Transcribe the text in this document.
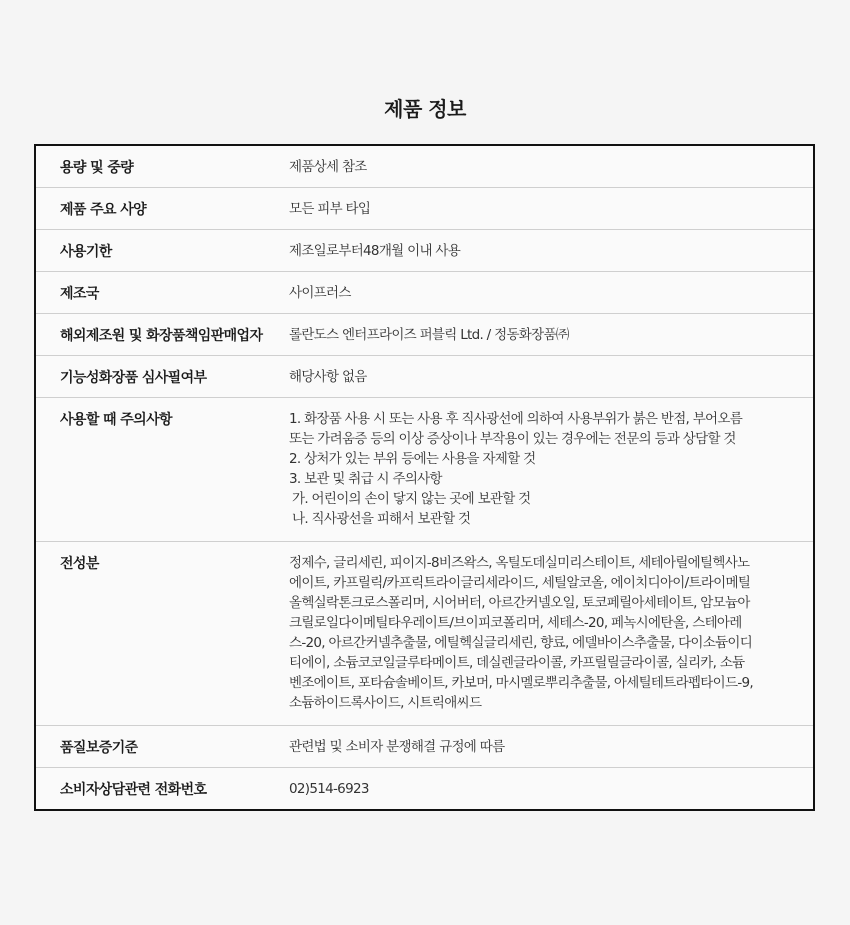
제품 정보
용량 및 중량	제품상세 참조
제품 주요 사양	모든 피부 타입
사용기한	제조일로부터48개월 이내 사용
제조국	사이프러스
해외제조원 및 화장품책임판매업자	롤란도스 엔터프라이즈 퍼블릭 Ltd. / 정동화장품㈜
기능성화장품 심사필여부	해당사항 없음
사용할 때 주의사항	1. 화장품 사용 시 또는 사용 후 직사광선에 의하여 사용부위가 붉은 반점, 부어오름
또는 가려움증 등의 이상 증상이나 부작용이 있는 경우에는 전문의 등과 상담할 것
2. 상처가 있는 부위 등에는 사용을 자제할 것
3. 보관 및 취급 시 주의사항
가. 어린이의 손이 닿지 않는 곳에 보관할 것
나. 직사광선을 피해서 보관할 것
전성분	정제수, 글리세린, 피이지-8비즈왁스, 옥틸도데실미리스테이트, 세테아릴에틸헥사노
에이트, 카프릴릭/카프릭트라이글리세라이드, 세틸알코올, 에이치디아이/트라이메틸
올헥실락톤크로스폴리머, 시어버터, 아르간커넬오일, 토코페릴아세테이트, 암모늄아
크릴로일다이메틸타우레이트/브이피코폴리머, 세테스-20, 페녹시에탄올, 스테아레
스-20, 아르간커넬추출물, 에틸헥실글리세린, 향료, 에델바이스추출물, 다이소듐이디
티에이, 소듐코코일글루타메이트, 데실렌글라이콜, 카프릴릴글라이콜, 실리카, 소듐
벤조에이트, 포타슘솔베이트, 카보머, 마시멜로뿌리추출물, 아세틸테트라펩타이드-9,
소듐하이드록사이드, 시트릭애씨드
품질보증기준	관련법 및 소비자 분쟁해결 규정에 따름
소비자상담관련 전화번호	02)514-6923
